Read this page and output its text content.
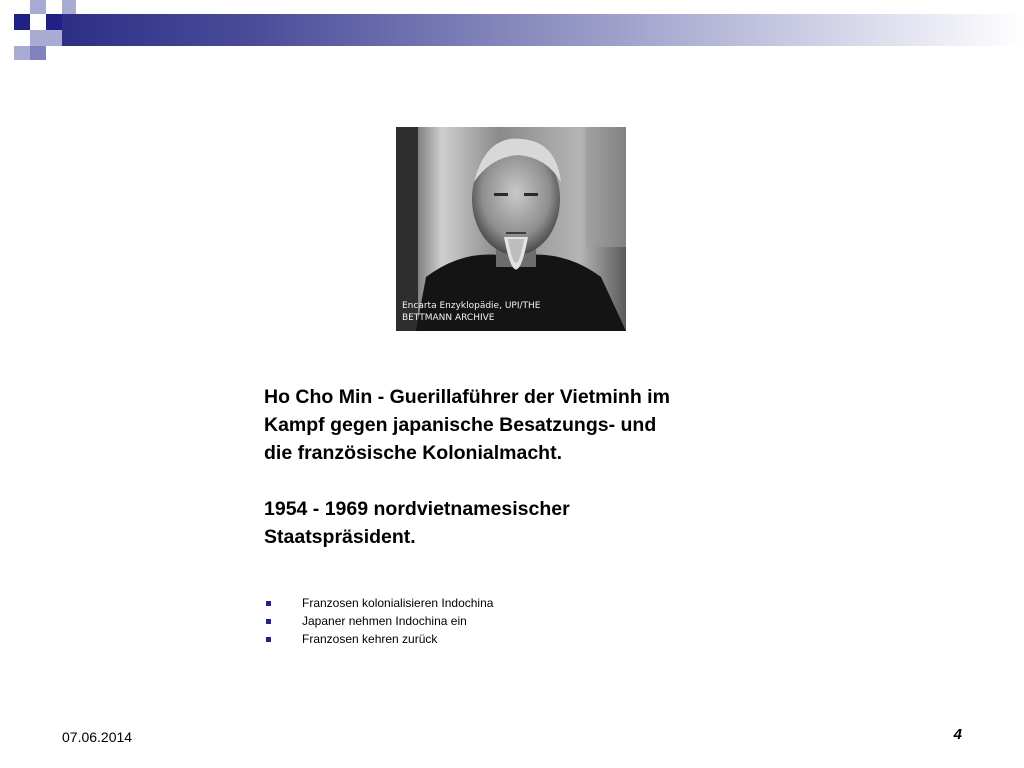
Encarta Enzyklopädie, UPI/THE
BETTMANN ARCHIVE

Ho Cho Min - Guerillaführer der Vietminh im
Kampf gegen japanische Besatzungs- und
die französische Kolonialmacht.

1954 - 1969 nordvietnamesischer
Staatspräsident.

Franzosen kolonialisieren Indochina
Japaner nehmen Indochina ein
Franzosen kehren zurück
07.06.2014	4
